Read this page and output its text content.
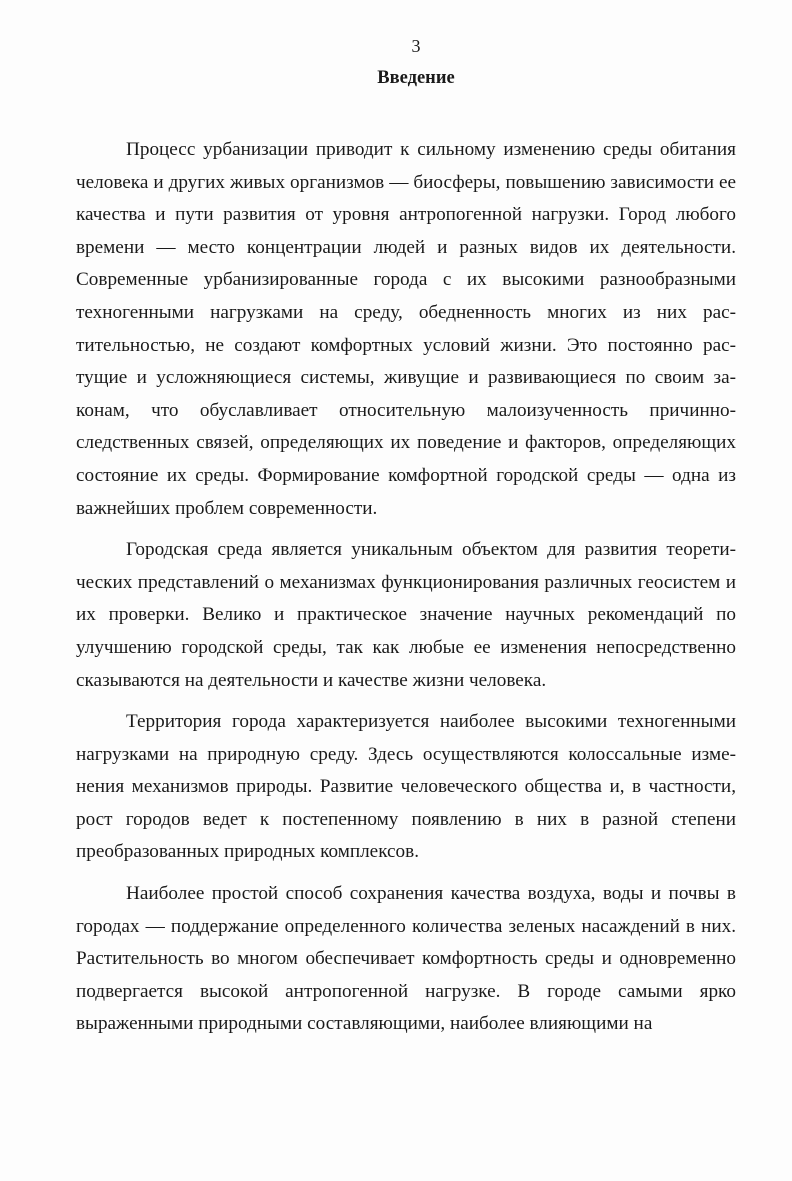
3
Введение

Процесс урбанизации приводит к сильному изменению среды обитания человека и других живых организмов — биосферы, повышению зависимости ее качества и пути развития от уровня антропогенной нагрузки. Город любого времени — место концентрации людей и разных видов их деятельности. Современные урбанизированные города с их высокими разнообразными техногенными нагрузками на среду, обедненность многих из них растительностью, не создают комфортных условий жизни. Это постоянно растущие и усложняющиеся системы, живущие и развивающиеся по своим законам, что обуславливает относительную малоизученность причинно-следственных связей, определяющих их поведение и факторов, определяющих состояние их среды. Формирование комфортной городской среды — одна из важнейших проблем современности.

Городская среда является уникальным объектом для развития теоретических представлений о механизмах функционирования различных геосистем и их проверки. Велико и практическое значение научных рекомендаций по улучшению городской среды, так как любые ее изменения непосредственно сказываются на деятельности и качестве жизни человека.

Территория города характеризуется наиболее высокими техногенными нагрузками на природную среду. Здесь осуществляются колоссальные изменения механизмов природы. Развитие человеческого общества и, в частности, рост городов ведет к постепенному появлению в них в разной степени преобразованных природных комплексов.

Наиболее простой способ сохранения качества воздуха, воды и почвы в городах — поддержание определенного количества зеленых насаждений в них. Растительность во многом обеспечивает комфортность среды и одновременно подвергается высокой антропогенной нагрузке. В городе самыми ярко выраженными природными составляющими, наиболее влияющими на
